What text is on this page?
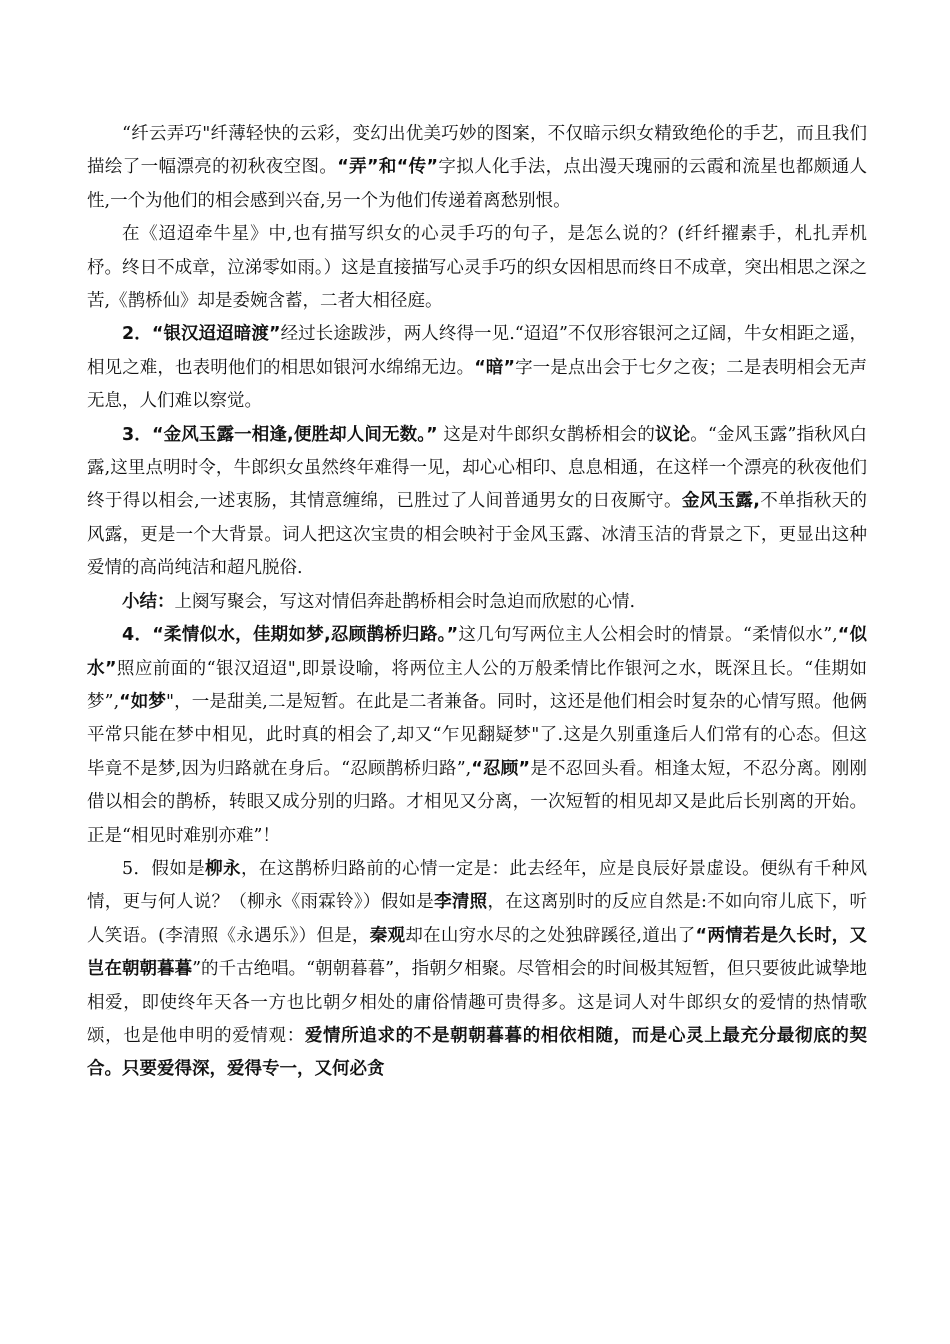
“纤云弄巧"纤薄轻快的云彩，变幻出优美巧妙的图案，不仅暗示织女精致绝伦的手艺，而且我们描绘了一幅漂亮的初秋夜空图。“弄”和“传”字拟人化手法，点出漫天瑰丽的云霞和流星也都颇通人性,一个为他们的相会感到兴奋,另一个为他们传递着离愁别恨。

在《迢迢牵牛星》中,也有描写织女的心灵手巧的句子，是怎么说的？(纤纤擢素手，札扎弄机杼。终日不成章，泣涕零如雨。）这是直接描写心灵手巧的织女因相思而终日不成章，突出相思之深之苦,《鹊桥仙》却是委婉含蓄，二者大相径庭。

2．“银汉迢迢暗渡”经过长途跋涉，两人终得一见.“迢迢”不仅形容银河之辽阔，牛女相距之遥，相见之难，也表明他们的相思如银河水绵绵无边。“暗”字一是点出会于七夕之夜；二是表明相会无声无息，人们难以察觉。

3．“金风玉露一相逢,便胜却人间无数。” 这是对牛郎织女鹊桥相会的议论。“金风玉露”指秋风白露,这里点明时令，牛郎织女虽然终年难得一见，却心心相印、息息相通，在这样一个漂亮的秋夜他们终于得以相会,一述衷肠，其情意缠绵，已胜过了人间普通男女的日夜厮守。金风玉露,不单指秋天的风露，更是一个大背景。词人把这次宝贵的相会映衬于金风玉露、冰清玉洁的背景之下，更显出这种爱情的高尚纯洁和超凡脱俗.

小结：上阕写聚会，写这对情侣奔赴鹊桥相会时急迫而欣慰的心情.

4．“柔情似水，佳期如梦,忍顾鹊桥归路。”这几句写两位主人公相会时的情景。“柔情似水”,“似水”照应前面的“银汉迢迢",即景设喻，将两位主人公的万般柔情比作银河之水，既深且长。“佳期如梦”,“如梦"，一是甜美,二是短暂。在此是二者兼备。同时，这还是他们相会时复杂的心情写照。他俩平常只能在梦中相见，此时真的相会了,却又“乍见翻疑梦"了.这是久别重逢后人们常有的心态。但这毕竟不是梦,因为归路就在身后。“忍顾鹊桥归路”,“忍顾”是不忍回头看。相逢太短，不忍分离。刚刚借以相会的鹊桥，转眼又成分别的归路。才相见又分离，一次短暂的相见却又是此后长别离的开始。正是“相见时难别亦难”！

5．假如是柳永，在这鹊桥归路前的心情一定是：此去经年，应是良辰好景虚设。便纵有千种风情，更与何人说？（柳永《雨霖铃》）假如是李清照，在这离别时的反应自然是:不如向帘儿底下，听人笑语。(李清照《永遇乐》）但是，秦观却在山穷水尽的之处独辟蹊径,道出了“两情若是久长时，又岂在朝朝暮暮”的千古绝唱。“朝朝暮暮”，指朝夕相聚。尽管相会的时间极其短暂，但只要彼此诚挚地相爱，即使终年天各一方也比朝夕相处的庸俗情趣可贵得多。这是词人对牛郎织女的爱情的热情歌颂，也是他申明的爱情观：爱情所追求的不是朝朝暮暮的相依相随，而是心灵上最充分最彻底的契合。只要爱得深，爱得专一，又何必贪
